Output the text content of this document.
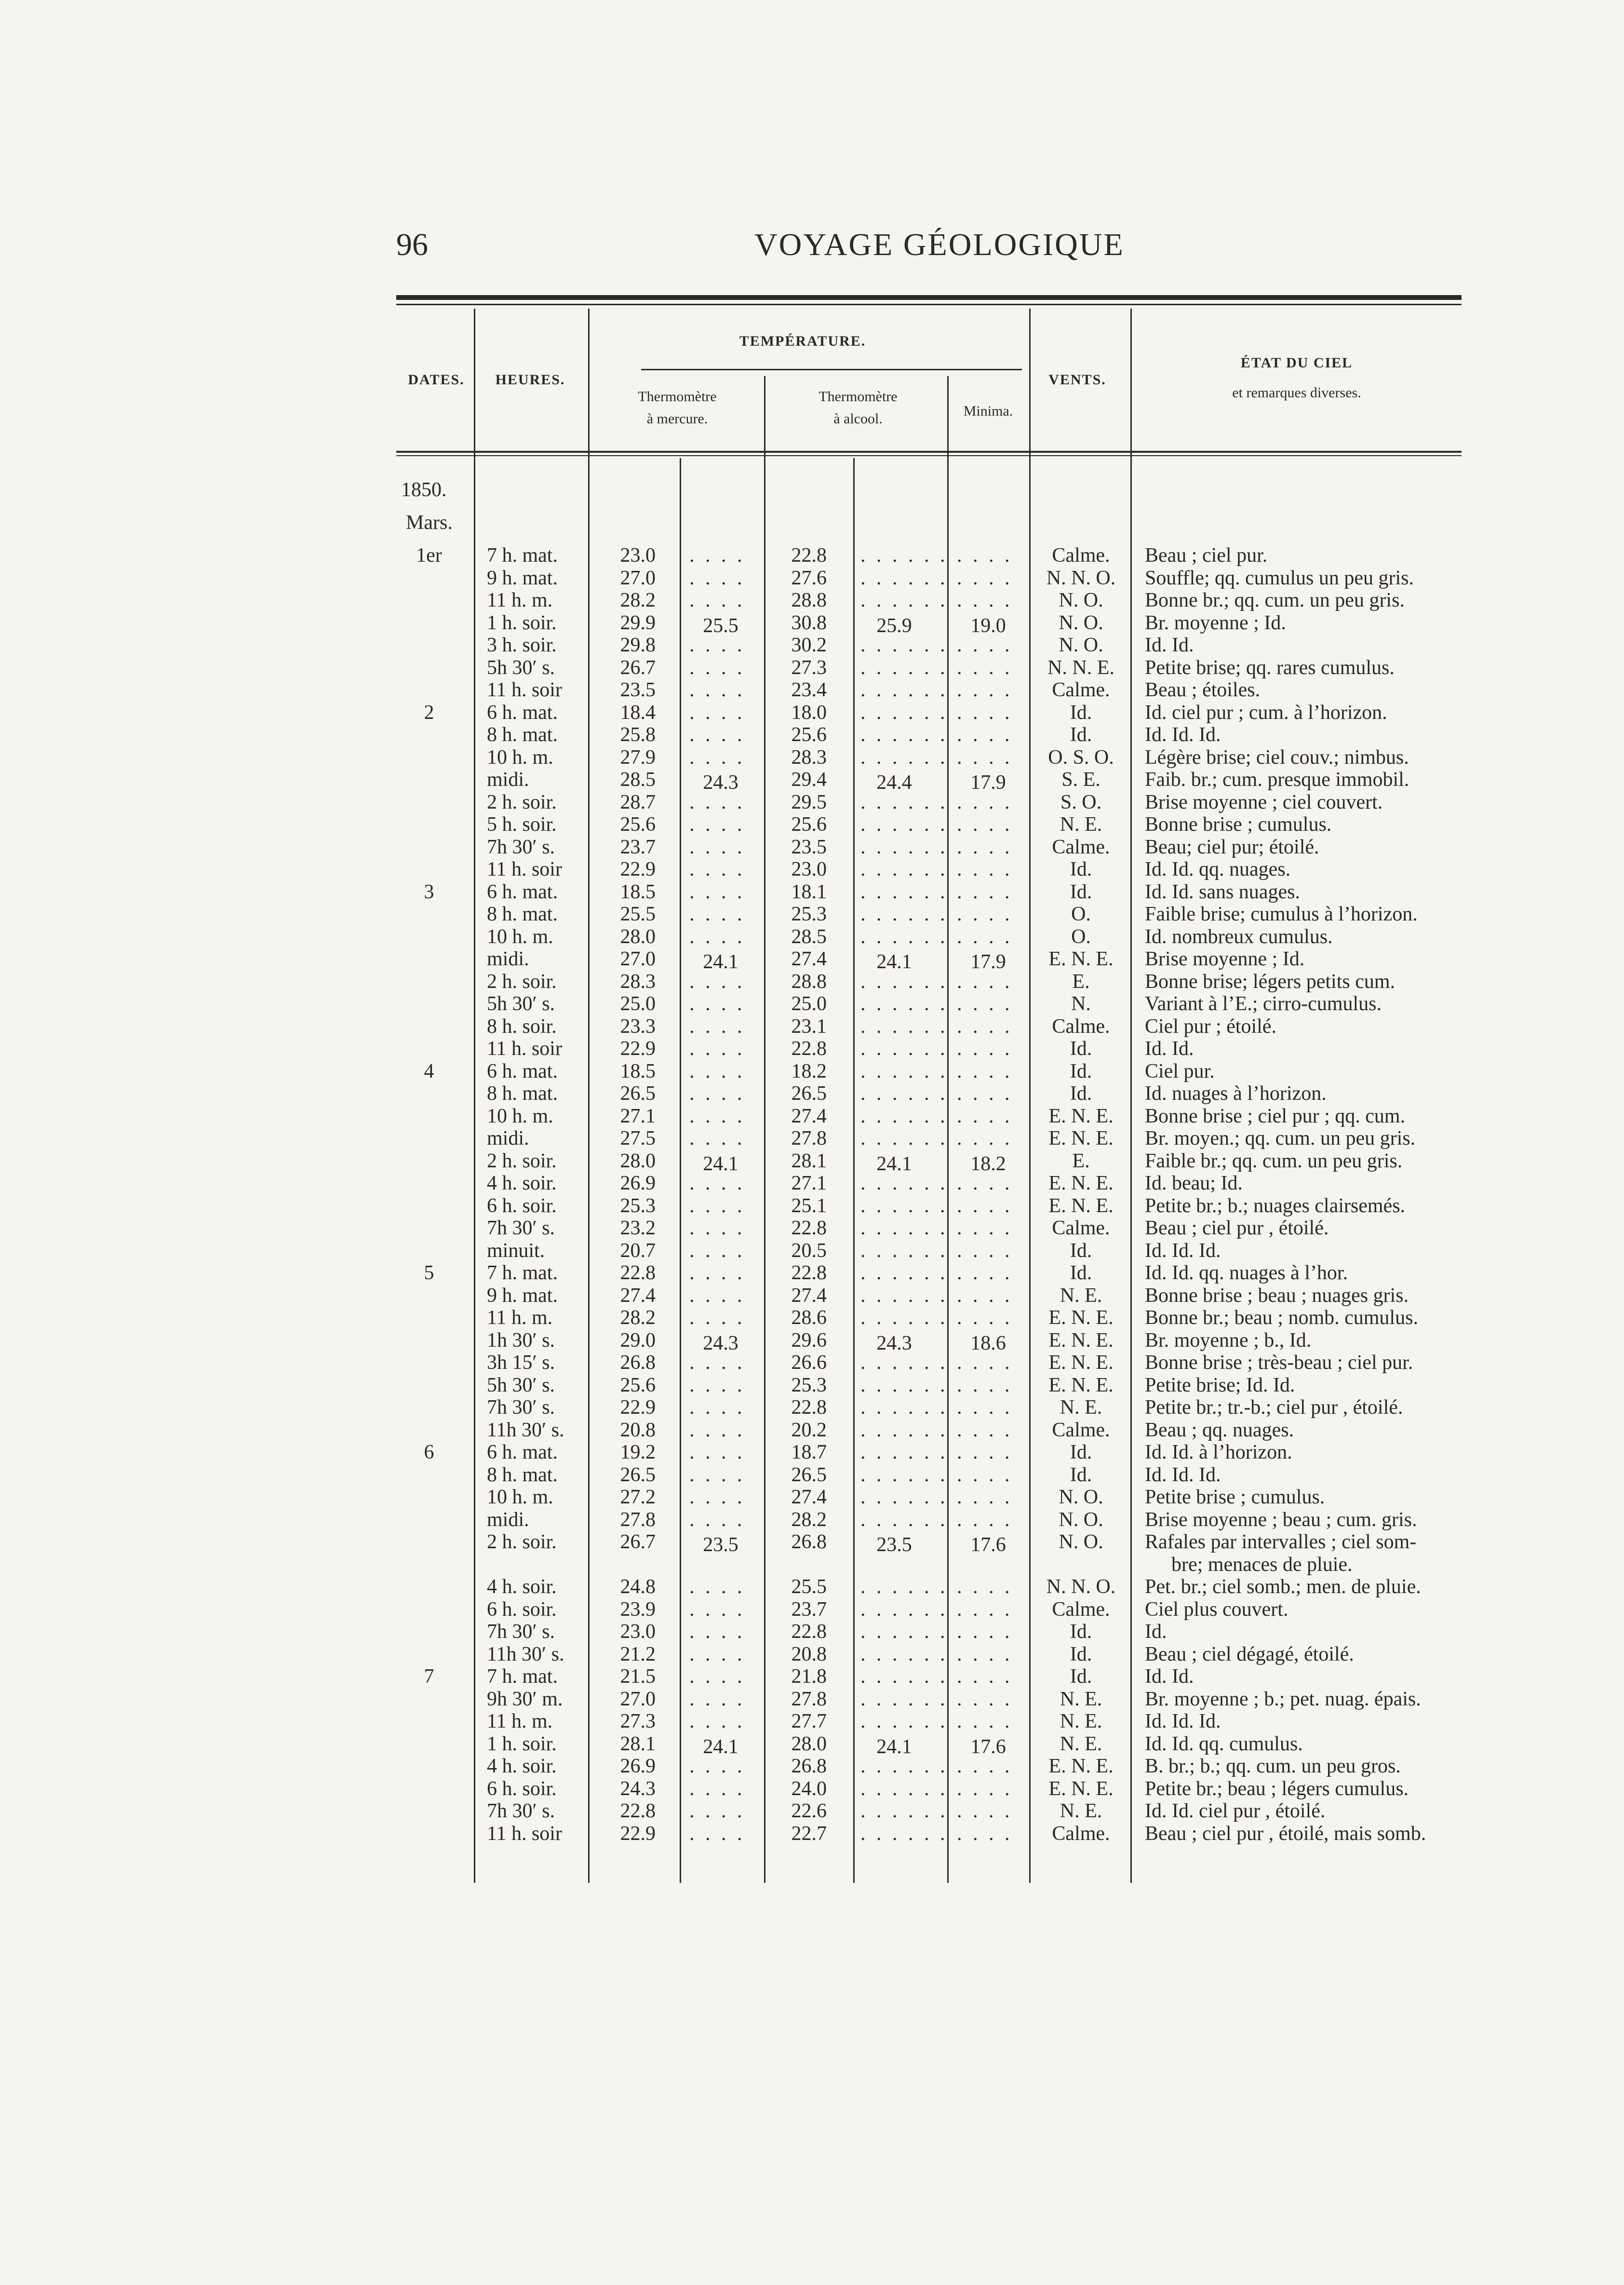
96	VOYAGE GÉOLOGIQUE
DATES.	HEURES.
TEMPÉRATURE.
Thermomètre
à mercure.
Thermomètre
à alcool.	Minima.
VENTS.
ÉTAT DU CIEL
et remarques diverses.
1850.
Mars.
1er	7 h. mat.	23.0 . . . .	22.8 . . . . . . . . . .	Calme.	Beau ; ciel pur.
9 h. mat.	27.0 . . . .	27.6 . . . . . . . . . .	N. N. O.	Souffle; qq. cumulus un peu gris.
11 h. m.	28.2 . . . .	28.8 . . . . . . . . . .	N. O.	Bonne br.; qq. cum. un peu gris.
1 h. soir.	29.9	25.5	30.8	25.9	19.0	N. O.	Br. moyenne ; Id.
3 h. soir.	29.8 . . . .	30.2 . . . . . . . . . .	N. O.	Id. Id.
5h 30′ s.	26.7 . . . .	27.3 . . . . . . . . . .	N. N. E.	Petite brise; qq. rares cumulus.
11 h. soir	23.5 . . . .	23.4 . . . . . . . . . .	Calme.	Beau ; étoiles.
2	6 h. mat.	18.4 . . . .	18.0 . . . . . . . . . .	Id.	Id. ciel pur ; cum. à l’horizon.
8 h. mat.	25.8 . . . .	25.6 . . . . . . . . . .	Id.	Id. Id. Id.
10 h. m.	27.9 . . . .	28.3 . . . . . . . . . .	O. S. O.	Légère brise; ciel couv.; nimbus.
midi.	28.5	24.3	29.4	24.4	17.9	S. E.	Faib. br.; cum. presque immobil.
2 h. soir.	28.7 . . . .	29.5 . . . . . . . . . .	S. O.	Brise moyenne ; ciel couvert.
5 h. soir.	25.6 . . . .	25.6 . . . . . . . . . .	N. E.	Bonne brise ; cumulus.
7h 30′ s.	23.7 . . . .	23.5 . . . . . . . . . .	Calme.	Beau; ciel pur; étoilé.
11 h. soir	22.9 . . . .	23.0 . . . . . . . . . .	Id.	Id. Id. qq. nuages.
3	6 h. mat.	18.5 . . . .	18.1 . . . . . . . . . .	Id.	Id. Id. sans nuages.
8 h. mat.	25.5 . . . .	25.3 . . . . . . . . . .	O.	Faible brise; cumulus à l’horizon.
10 h. m.	28.0 . . . .	28.5 . . . . . . . . . .	O.	Id. nombreux cumulus.
midi.	27.0	24.1	27.4	24.1	17.9	E. N. E.	Brise moyenne ; Id.
2 h. soir.	28.3 . . . .	28.8 . . . . . . . . . .	E.	Bonne brise; légers petits cum.
5h 30′ s.	25.0 . . . .	25.0 . . . . . . . . . .	N.	Variant à l’E.; cirro-cumulus.
8 h. soir.	23.3 . . . .	23.1 . . . . . . . . . .	Calme.	Ciel pur ; étoilé.
11 h. soir	22.9 . . . .	22.8 . . . . . . . . . .	Id.	Id. Id.
4	6 h. mat.	18.5 . . . .	18.2 . . . . . . . . . .	Id.	Ciel pur.
8 h. mat.	26.5 . . . .	26.5 . . . . . . . . . .	Id.	Id. nuages à l’horizon.
10 h. m.	27.1 . . . .	27.4 . . . . . . . . . .	E. N. E.	Bonne brise ; ciel pur ; qq. cum.
midi.	27.5 . . . .	27.8 . . . . . . . . . .	E. N. E.	Br. moyen.; qq. cum. un peu gris.
2 h. soir.	28.0	24.1	28.1	24.1	18.2	E.	Faible br.; qq. cum. un peu gris.
4 h. soir.	26.9 . . . .	27.1 . . . . . . . . . .	E. N. E.	Id. beau; Id.
6 h. soir.	25.3 . . . .	25.1 . . . . . . . . . .	E. N. E.	Petite br.; b.; nuages clairsemés.
7h 30′ s.	23.2 . . . .	22.8 . . . . . . . . . .	Calme.	Beau ; ciel pur , étoilé.
minuit.	20.7 . . . .	20.5 . . . . . . . . . .	Id.	Id. Id. Id.
5	7 h. mat.	22.8 . . . .	22.8 . . . . . . . . . .	Id.	Id. Id. qq. nuages à l’hor.
9 h. mat.	27.4 . . . .	27.4 . . . . . . . . . .	N. E.	Bonne brise ; beau ; nuages gris.
11 h. m.	28.2 . . . .	28.6 . . . . . . . . . .	E. N. E.	Bonne br.; beau ; nomb. cumulus.
1h 30′ s.	29.0	24.3	29.6	24.3	18.6	E. N. E.	Br. moyenne ; b., Id.
3h 15′ s.	26.8 . . . .	26.6 . . . . . . . . . .	E. N. E.	Bonne brise ; très-beau ; ciel pur.
5h 30′ s.	25.6 . . . .	25.3 . . . . . . . . . .	E. N. E.	Petite brise; Id. Id.
7h 30′ s.	22.9 . . . .	22.8 . . . . . . . . . .	N. E.	Petite br.; tr.-b.; ciel pur , étoilé.
11h 30′ s.	20.8 . . . .	20.2 . . . . . . . . . .	Calme.	Beau ; qq. nuages.
6	6 h. mat.	19.2 . . . .	18.7 . . . . . . . . . .	Id.	Id. Id. à l’horizon.
8 h. mat.	26.5 . . . .	26.5 . . . . . . . . . .	Id.	Id. Id. Id.
10 h. m.	27.2 . . . .	27.4 . . . . . . . . . .	N. O.	Petite brise ; cumulus.
midi.	27.8 . . . .	28.2 . . . . . . . . . .	N. O.	Brise moyenne ; beau ; cum. gris.
2 h. soir.	26.7	23.5	26.8	23.5	17.6	N. O.	Rafales par intervalles ; ciel som-
bre; menaces de pluie.
4 h. soir.	24.8 . . . .	25.5 . . . . . . . . . .	N. N. O.	Pet. br.; ciel somb.; men. de pluie.
6 h. soir.	23.9 . . . .	23.7 . . . . . . . . . .	Calme.	Ciel plus couvert.
7h 30′ s.	23.0 . . . .	22.8 . . . . . . . . . .	Id.	Id.
11h 30′ s.	21.2 . . . .	20.8 . . . . . . . . . .	Id.	Beau ; ciel dégagé, étoilé.
7	7 h. mat.	21.5 . . . .	21.8 . . . . . . . . . .	Id.	Id. Id.
9h 30′ m.	27.0 . . . .	27.8 . . . . . . . . . .	N. E.	Br. moyenne ; b.; pet. nuag. épais.
11 h. m.	27.3 . . . .	27.7 . . . . . . . . . .	N. E.	Id. Id. Id.
1 h. soir.	28.1	24.1	28.0	24.1	17.6	N. E.	Id. Id. qq. cumulus.
4 h. soir.	26.9 . . . .	26.8 . . . . . . . . . .	E. N. E.	B. br.; b.; qq. cum. un peu gros.
6 h. soir.	24.3 . . . .	24.0 . . . . . . . . . .	E. N. E.	Petite br.; beau ; légers cumulus.
7h 30′ s.	22.8 . . . .	22.6 . . . . . . . . . .	N. E.	Id. Id. ciel pur , étoilé.
11 h. soir	22.9 . . . .	22.7 . . . . . . . . . .	Calme.	Beau ; ciel pur , étoilé, mais somb.
